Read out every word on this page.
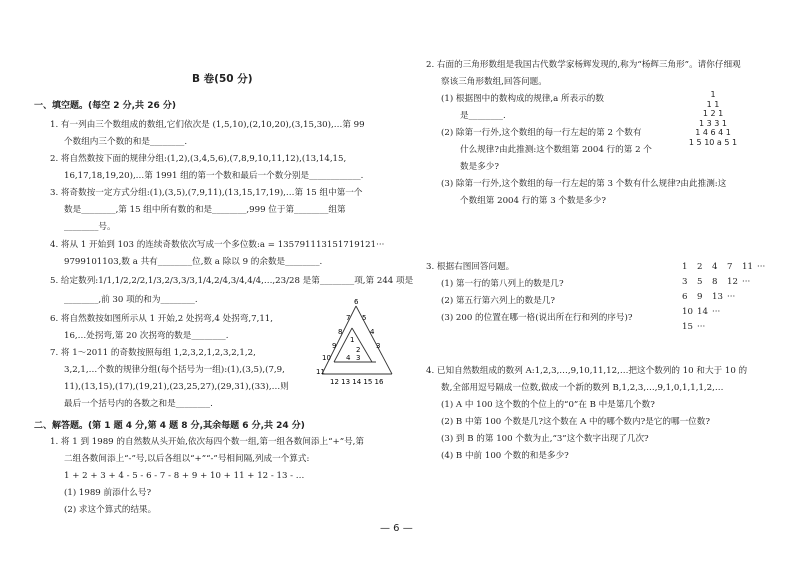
B 卷(50 分)
一、填空题。(每空 2 分,共 26 分)
1. 有一列由三个数组成的数组,它们依次是 (1,5,10),(2,10,20),(3,15,30),…第 99
个数组内三个数的和是________.
2. 将自然数按下面的规律分组:(1,2),(3,4,5,6),(7,8,9,10,11,12),(13,14,15,
16,17,18,19,20),…第 1991 组的第一个数和最后一个数分别是____________.
3. 将奇数按一定方式分组:(1),(3,5),(7,9,11),(13,15,17,19),…第 15 组中第一个
数是________,第 15 组中所有数的和是________,999 位于第________组第
________号。
4. 将从 1 开始到 103 的连续奇数依次写成一个多位数:a = 135791113151719121···
9799101103,数 a 共有________位,数 a 除以 9 的余数是________.
5. 给定数列:1/1,1/2,2/2,1/3,2/3,3/3,1/4,2/4,3/4,4/4,…,23/28 是第________项,第 244 项是
________,前 30 项的和为________.
6. 将自然数按如图所示从 1 开始,2 处拐弯,4 处拐弯,7,11,
16,…处拐弯,第 20 次拐弯的数是________.
7. 将 1～2011 的奇数按照每组 1,2,3,2,1,2,3,2,1,2,
3,2,1,…个数的规律分组(每个括号为一组):(1),(3,5),(7,9,
11),(13,15),(17),(19,21),(23,25,27),(29,31),(33),…则
最后一个括号内的各数之和是________.
6
7
8
9
10
11
5
4
3
1
2
4 3
12 13 14 15 16
二、解答题。(第 1 题 4 分,第 4 题 8 分,其余每题 6 分,共 24 分)
1. 将 1 到 1989 的自然数从头开始,依次每四个数一组,第一组各数间添上“+”号,第
二组各数间添上“-”号,以后各组以“+”“-”号相间隔,列成一个算式:
1 + 2 + 3 + 4 - 5 - 6 - 7 - 8 + 9 + 10 + 11 + 12 - 13 - …
(1) 1989 前添什么号?
(2) 求这个算式的结果。
2. 右面的三角形数组是我国古代数学家杨辉发现的,称为“杨辉三角形”。请你仔细观
察该三角形数组,回答问题。
(1) 根据图中的数构成的规律,a 所表示的数
是________.
(2) 除第一行外,这个数组的每一行左起的第 2 个数有
什么规律?由此推测:这个数组第 2004 行的第 2 个
数是多少?
(3) 除第一行外,这个数组的每一行左起的第 3 个数有什么规律?由此推测:这
个数组第 2004 行的第 3 个数是多少?
1
1 1
1 2 1
1 3 3 1
1 4 6 4 1
1 5 10 a 5 1
3. 根据右图回答问题。
(1) 第一行的第八列上的数是几?
(2) 第五行第六列上的数是几?
(3) 200 的位置在哪一格(说出所在行和列的序号)?
1 2 4 7 11 ···
3 5 8 12 ···
6 9 13 ···
10 14 ···
15 ···
4. 已知自然数组成的数列 A:1,2,3,…,9,10,11,12,…把这个数列的 10 和大于 10 的
数,全部用逗号隔成一位数,做成一个新的数列 B,1,2,3,…,9,1,0,1,1,1,2,…
(1) A 中 100 这个数的个位上的“0”在 B 中是第几个数?
(2) B 中第 100 个数是几?这个数在 A 中的哪个数内?是它的哪一位数?
(3) 到 B 的第 100 个数为止,“3”这个数字出现了几次?
(4) B 中前 100 个数的和是多少?
— 6 —
